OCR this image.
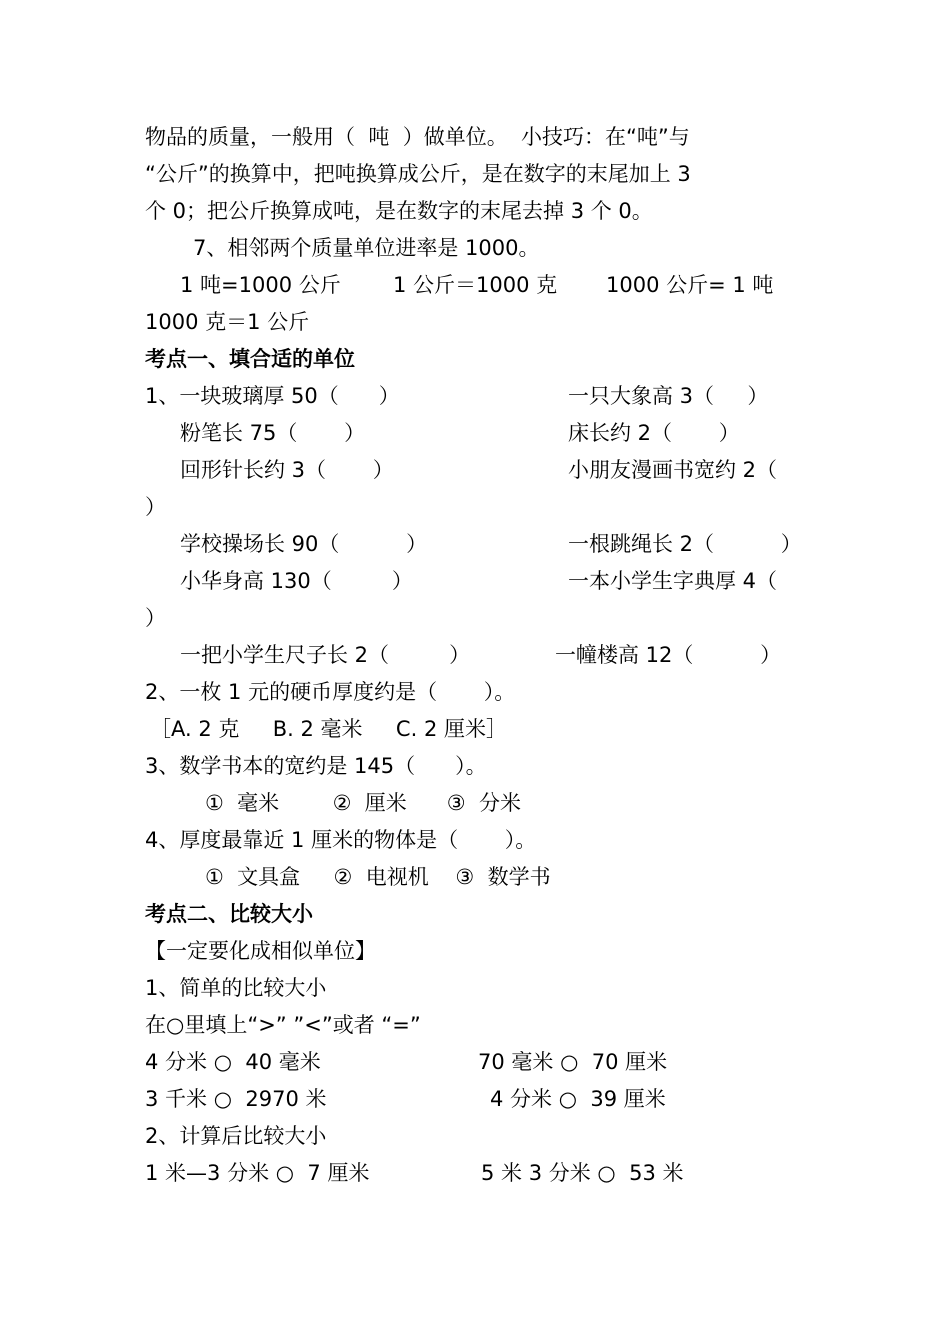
物品的质量，一般用（  吨  ）做单位。  小技巧：在“吨”与
“公斤”的换算中，把吨换算成公斤，是在数字的末尾加上 3
个 0；把公斤换算成吨，是在数字的末尾去掉 3 个 0。
7、相邻两个质量单位进率是 1000。
1 吨=1000 公斤 1 公斤＝1000 克 1000 公斤= 1 吨
1000 克＝1 公斤
考点一、填合适的单位
1、一块玻璃厚 50（      ）	一只大象高 3（     ）
粉笔长 75（       ）	床长约 2（       ）
回形针长约 3（       ）	小朋友漫画书宽约 2（
）
学校操场长 90（          ）	一根跳绳长 2（          ）
小华身高 130（         ）	一本小学生字典厚 4（
）
一把小学生尺子长 2（         ）	一幢楼高 12（          ）
2、一枚 1 元的硬币厚度约是（       ）。
［A. 2 克     B. 2 毫米     C. 2 厘米］
3、数学书本的宽约是 145（      ）。
①  毫米        ②  厘米      ③  分米
4、厚度最靠近 1 厘米的物体是（       ）。
①  文具盒     ②  电视机    ③  数学书
考点二、比较大小
【一定要化成相似单位】
1、简单的比较大小
在○里填上“>” ”<”或者 “=”
4 分米 ○  40 毫米	70 毫米 ○  70 厘米
3 千米 ○  2970 米	4 分米 ○  39 厘米
2、计算后比较大小
1 米—3 分米 ○  7 厘米	5 米 3 分米 ○  53 米
